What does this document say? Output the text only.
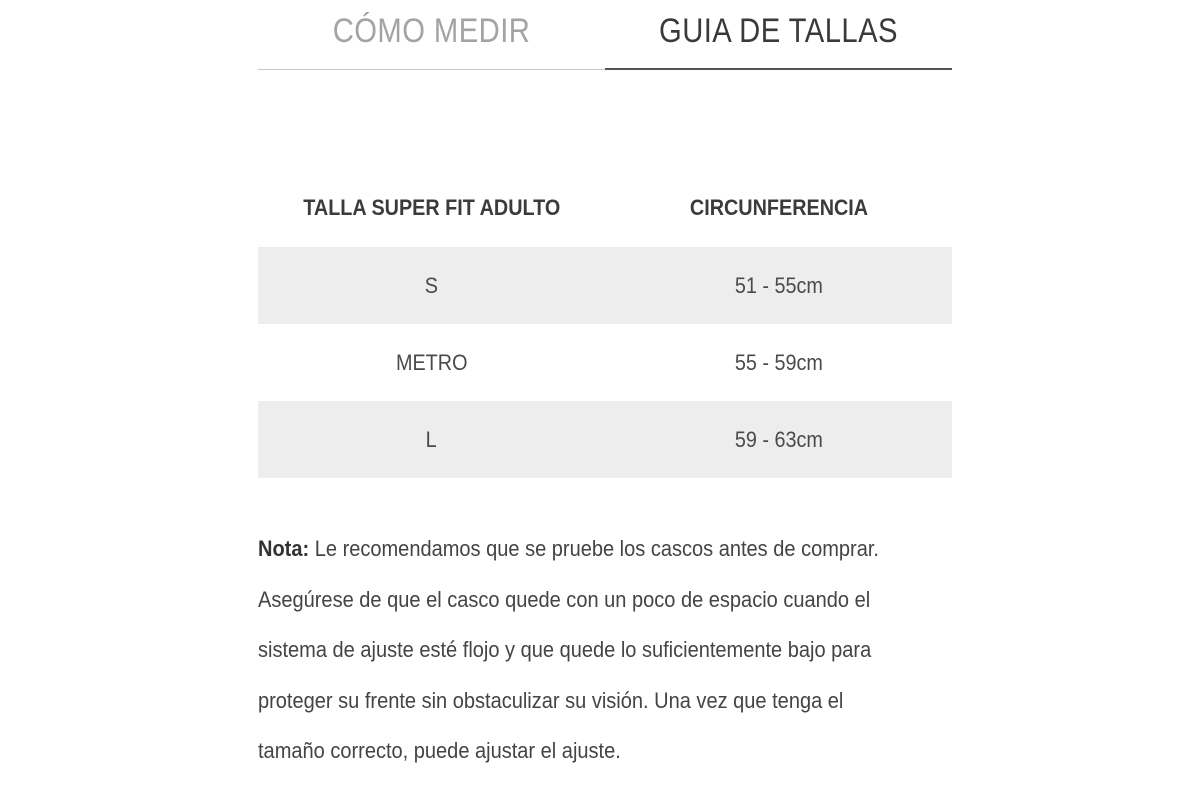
CÓMO MEDIR	GUIA DE TALLAS
TALLA SUPER FIT ADULTO	CIRCUNFERENCIA
S	51 - 55cm
METRO	55 - 59cm
L	59 - 63cm
Nota: Le recomendamos que se pruebe los cascos antes de comprar.
Asegúrese de que el casco quede con un poco de espacio cuando el
sistema de ajuste esté flojo y que quede lo suficientemente bajo para
proteger su frente sin obstaculizar su visión. Una vez que tenga el
tamaño correcto, puede ajustar el ajuste.
